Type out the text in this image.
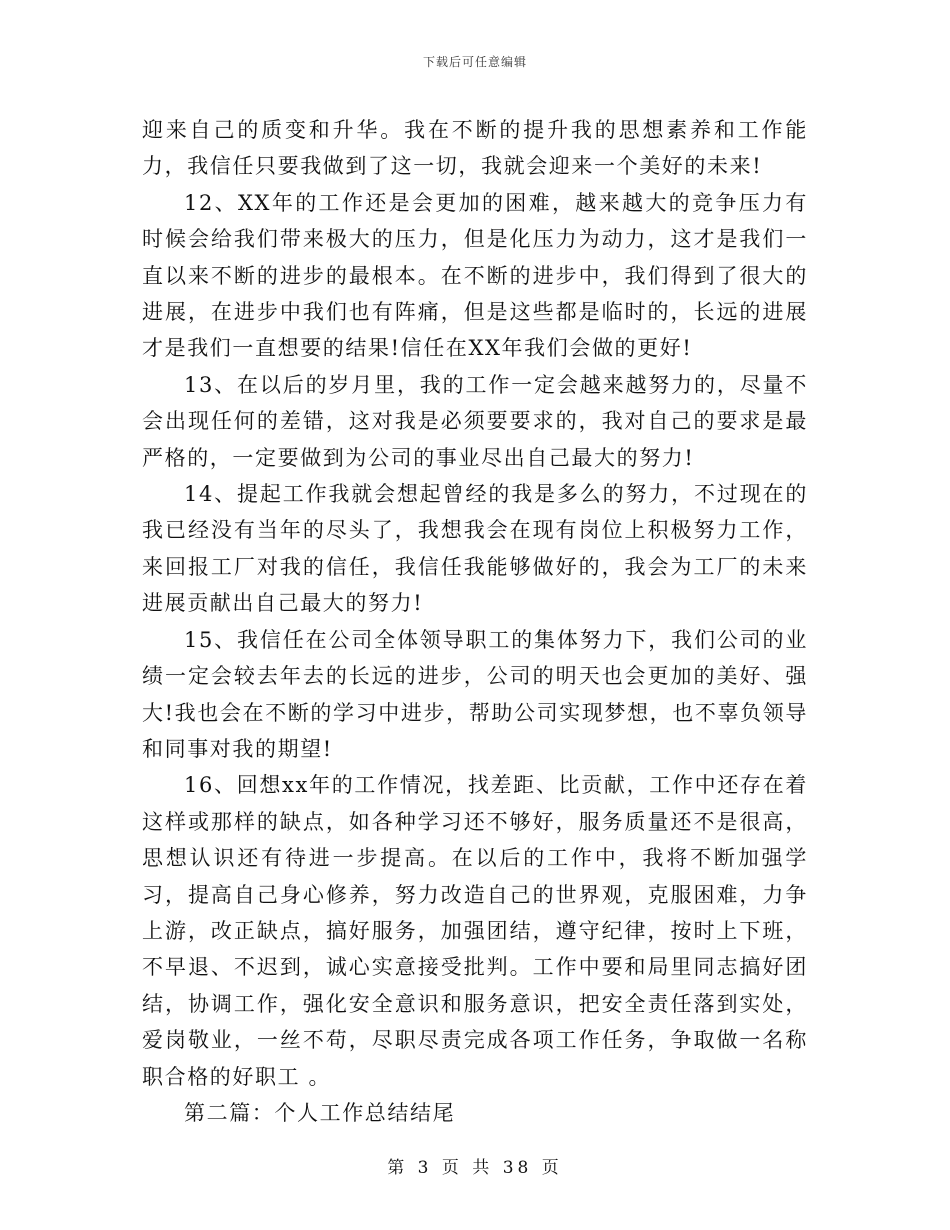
下载后可任意编辑

迎来自己的质变和升华。我在不断的提升我的思想素养和工作能力，我信任只要我做到了这一切，我就会迎来一个美好的未来!

12、XX年的工作还是会更加的困难，越来越大的竞争压力有时候会给我们带来极大的压力，但是化压力为动力，这才是我们一直以来不断的进步的最根本。在不断的进步中，我们得到了很大的进展，在进步中我们也有阵痛，但是这些都是临时的，长远的进展才是我们一直想要的结果!信任在XX年我们会做的更好!

13、在以后的岁月里，我的工作一定会越来越努力的，尽量不会出现任何的差错，这对我是必须要要求的，我对自己的要求是最严格的，一定要做到为公司的事业尽出自己最大的努力!

14、提起工作我就会想起曾经的我是多么的努力，不过现在的我已经没有当年的尽头了，我想我会在现有岗位上积极努力工作，来回报工厂对我的信任，我信任我能够做好的，我会为工厂的未来进展贡献出自己最大的努力!

15、我信任在公司全体领导职工的集体努力下，我们公司的业绩一定会较去年去的长远的进步，公司的明天也会更加的美好、强大!我也会在不断的学习中进步，帮助公司实现梦想，也不辜负领导和同事对我的期望!

16、回想xx年的工作情况，找差距、比贡献，工作中还存在着这样或那样的缺点，如各种学习还不够好，服务质量还不是很高，思想认识还有待进一步提高。在以后的工作中，我将不断加强学习，提高自己身心修养，努力改造自己的世界观，克服困难，力争上游，改正缺点，搞好服务，加强团结，遵守纪律，按时上下班，不早退、不迟到，诚心实意接受批判。工作中要和局里同志搞好团结，协调工作，强化安全意识和服务意识，把安全责任落到实处，爱岗敬业，一丝不苟，尽职尽责完成各项工作任务，争取做一名称职合格的好职工 。

第二篇：个人工作总结结尾

第 3 页 共 38 页
